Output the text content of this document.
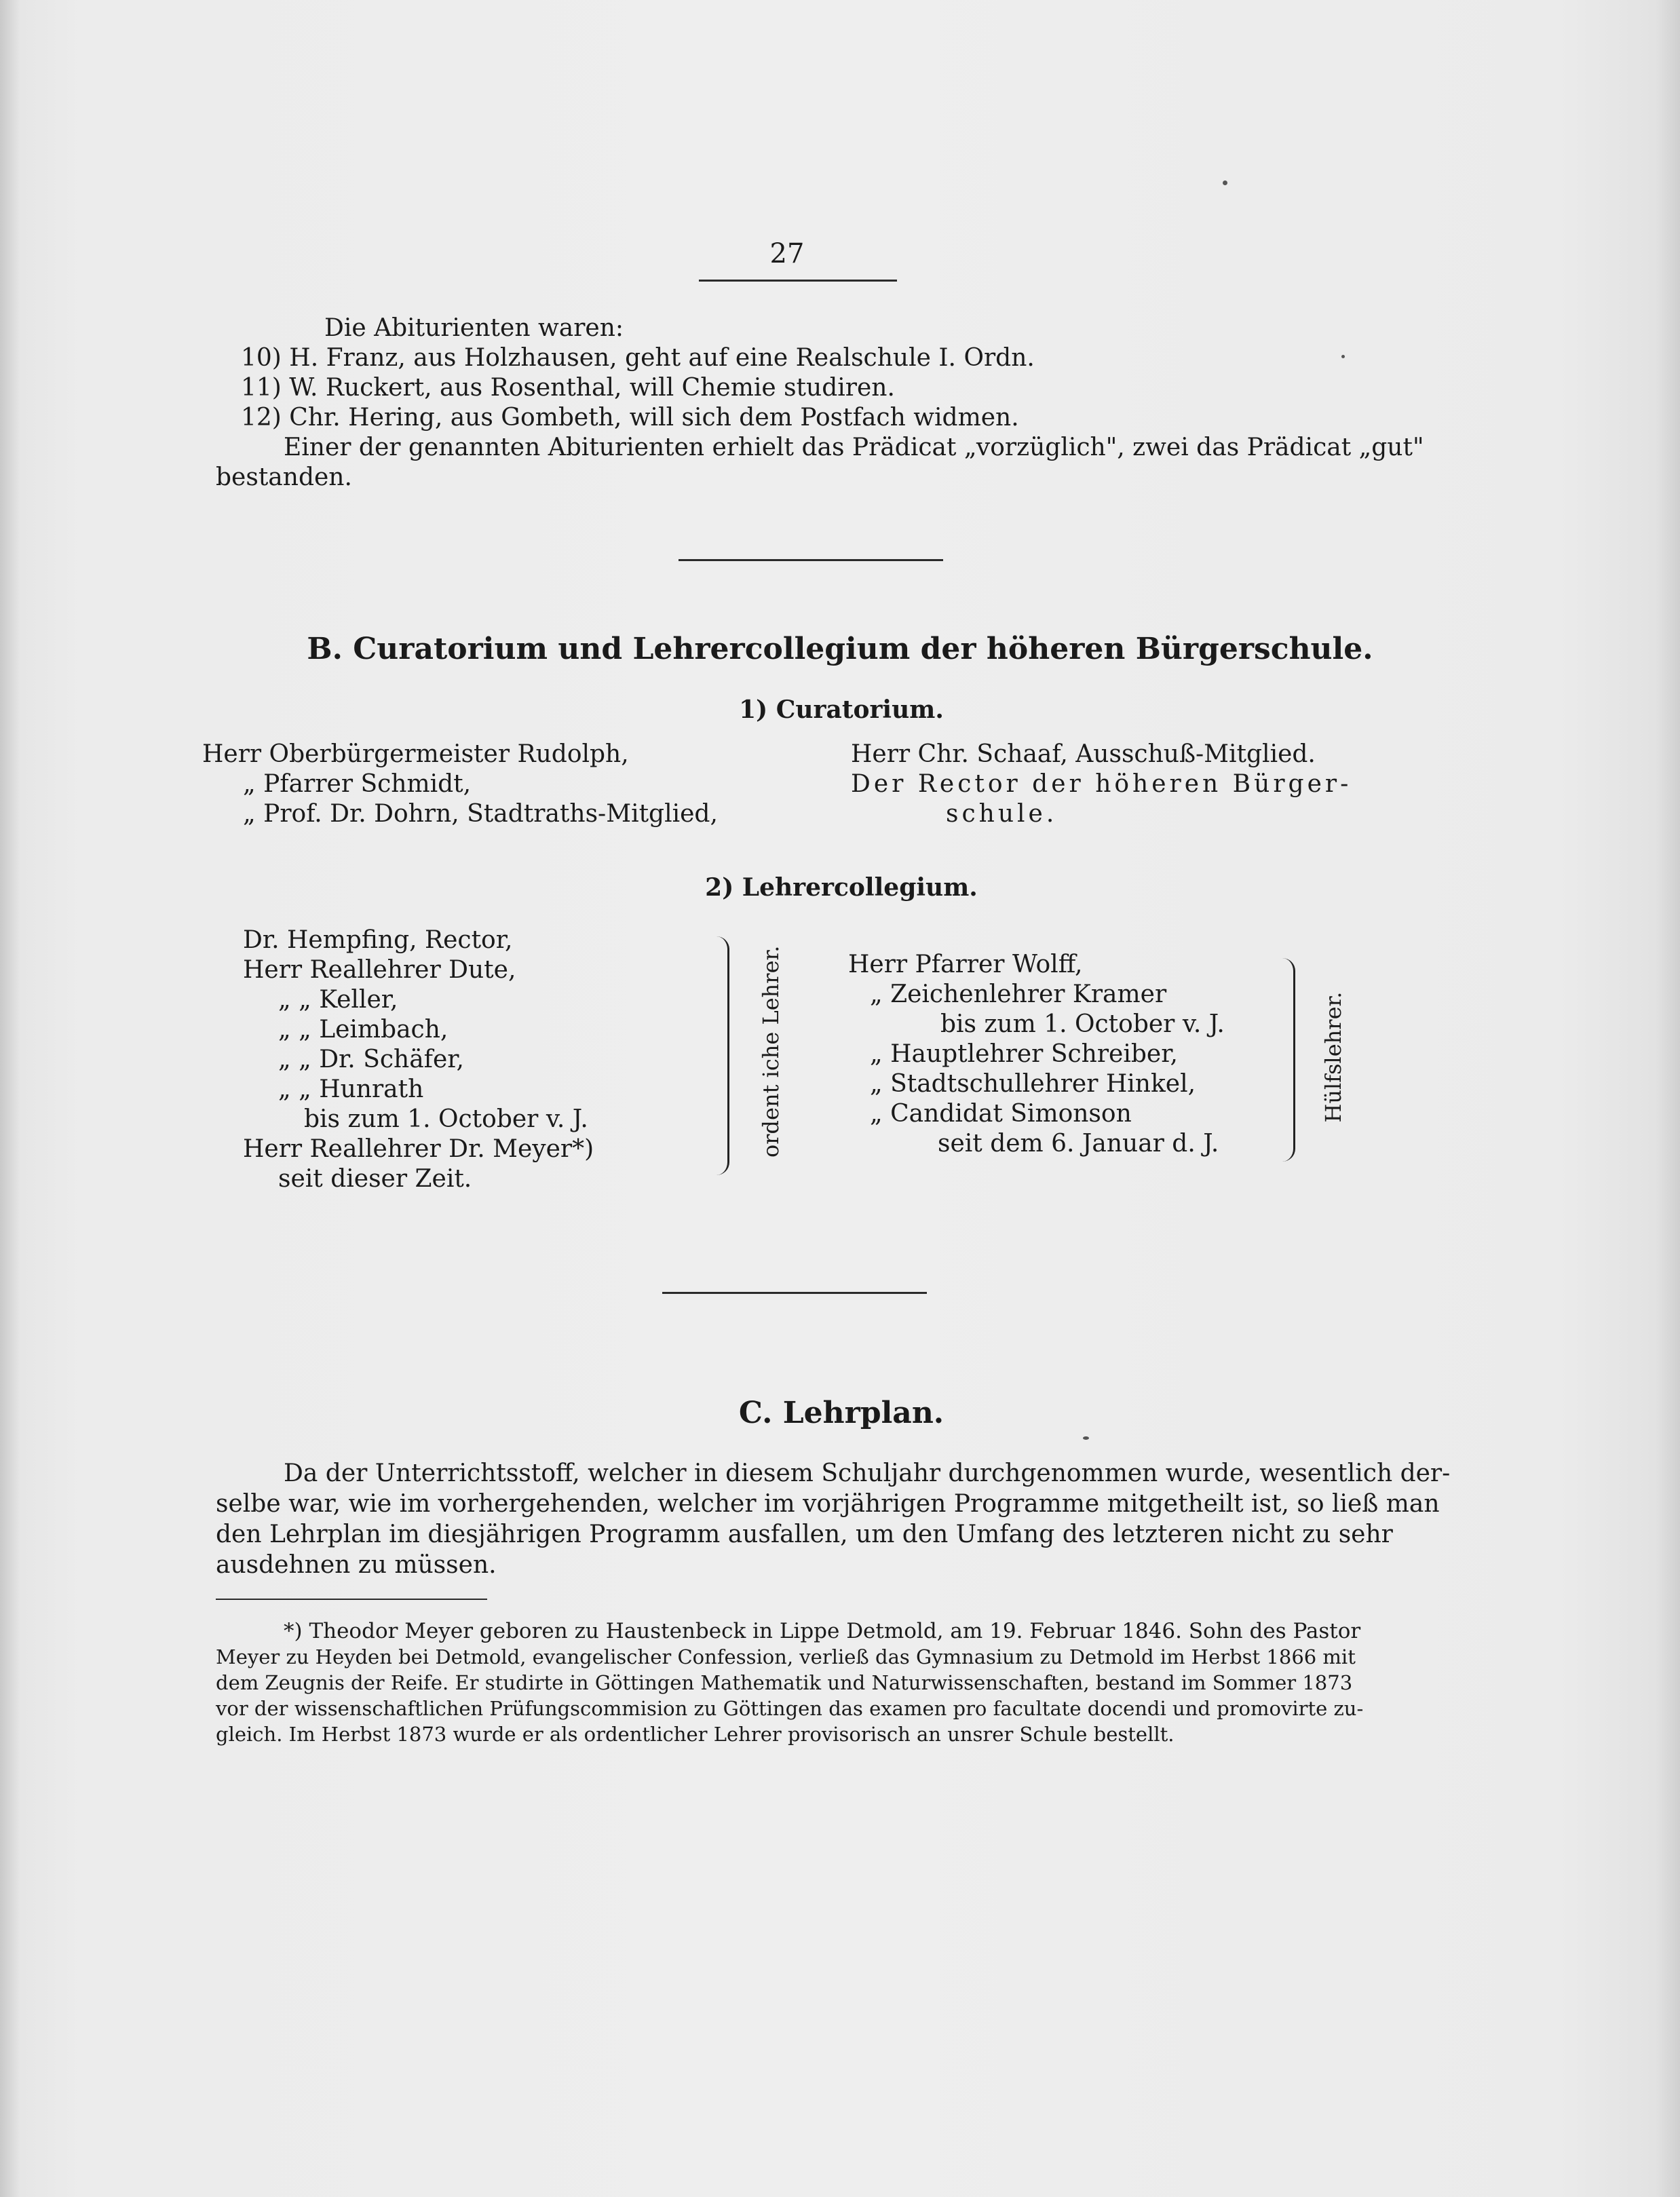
27
Die Abiturienten waren:
10) H. Franz, aus Holzhausen, geht auf eine Realschule I. Ordn.
11) W. Ruckert, aus Rosenthal, will Chemie studiren.
12) Chr. Hering, aus Gombeth, will sich dem Postfach widmen.
Einer der genannten Abiturienten erhielt das Prädicat „vorzüglich", zwei das Prädicat „gut"
bestanden.
B. Curatorium und Lehrercollegium der höheren Bürgerschule.
1) Curatorium.
Herr Oberbürgermeister Rudolph,
„ Pfarrer Schmidt,
„ Prof. Dr. Dohrn, Stadtraths-Mitglied,
Herr Chr. Schaaf, Ausschuß-Mitglied.
Der Rector der höheren Bürger-
schule.
2) Lehrercollegium.
Dr. Hempfing, Rector,
Herr Reallehrer Dute,
„ „ Keller,
„ „ Leimbach,
„ „ Dr. Schäfer,
„ „ Hunrath
bis zum 1. October v. J.
Herr Reallehrer Dr. Meyer*)
seit dieser Zeit.
ordent iche Lehrer.	Herr Pfarrer Wolff,
„ Zeichenlehrer Kramer
bis zum 1. October v. J.
„ Hauptlehrer Schreiber,
„ Stadtschullehrer Hinkel,
„ Candidat Simonson
seit dem 6. Januar d. J.
Hülfslehrer.
C. Lehrplan.
Da der Unterrichtsstoff, welcher in diesem Schuljahr durchgenommen wurde, wesentlich der-
selbe war, wie im vorhergehenden, welcher im vorjährigen Programme mitgetheilt ist, so ließ man
den Lehrplan im diesjährigen Programm ausfallen, um den Umfang des letzteren nicht zu sehr
ausdehnen zu müssen.
*) Theodor Meyer geboren zu Haustenbeck in Lippe Detmold, am 19. Februar 1846. Sohn des Pastor
Meyer zu Heyden bei Detmold, evangelischer Confession, verließ das Gymnasium zu Detmold im Herbst 1866 mit
dem Zeugnis der Reife. Er studirte in Göttingen Mathematik und Naturwissenschaften, bestand im Sommer 1873
vor der wissenschaftlichen Prüfungscommision zu Göttingen das examen pro facultate docendi und promovirte zu-
gleich. Im Herbst 1873 wurde er als ordentlicher Lehrer provisorisch an unsrer Schule bestellt.
